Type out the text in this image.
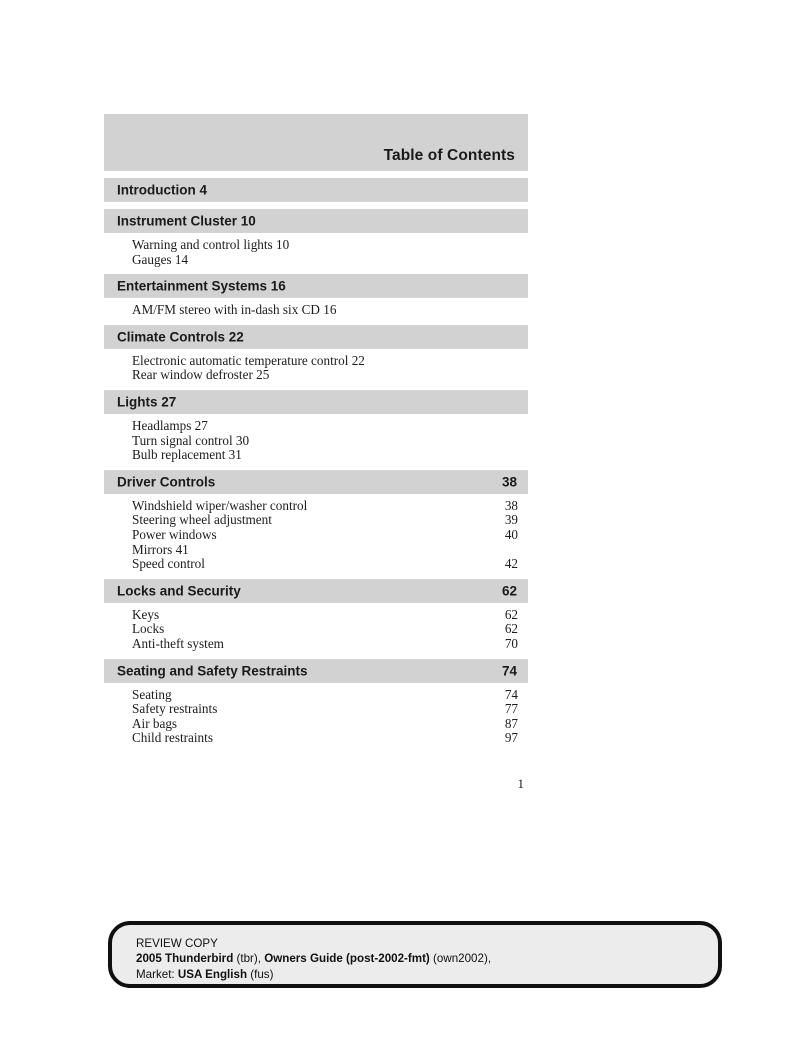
Table of Contents
Introduction 4
Instrument Cluster 10
Warning and control lights 10
Gauges 14
Entertainment Systems 16
AM/FM stereo with in-dash six CD 16
Climate Controls 22
Electronic automatic temperature control 22
Rear window defroster 25
Lights 27
Headlamps 27
Turn signal control 30
Bulb replacement 31
Driver Controls	38
Windshield wiper/washer control	38
Steering wheel adjustment	39
Power windows	40
Mirrors 41
Speed control	42
Locks and Security	62
Keys	62
Locks	62
Anti-theft system	70
Seating and Safety Restraints	74
Seating	74
Safety restraints	77
Air bags	87
Child restraints	97
1
REVIEW COPY
2005 Thunderbird (tbr), Owners Guide (post-2002-fmt) (own2002),
Market: USA English (fus)
